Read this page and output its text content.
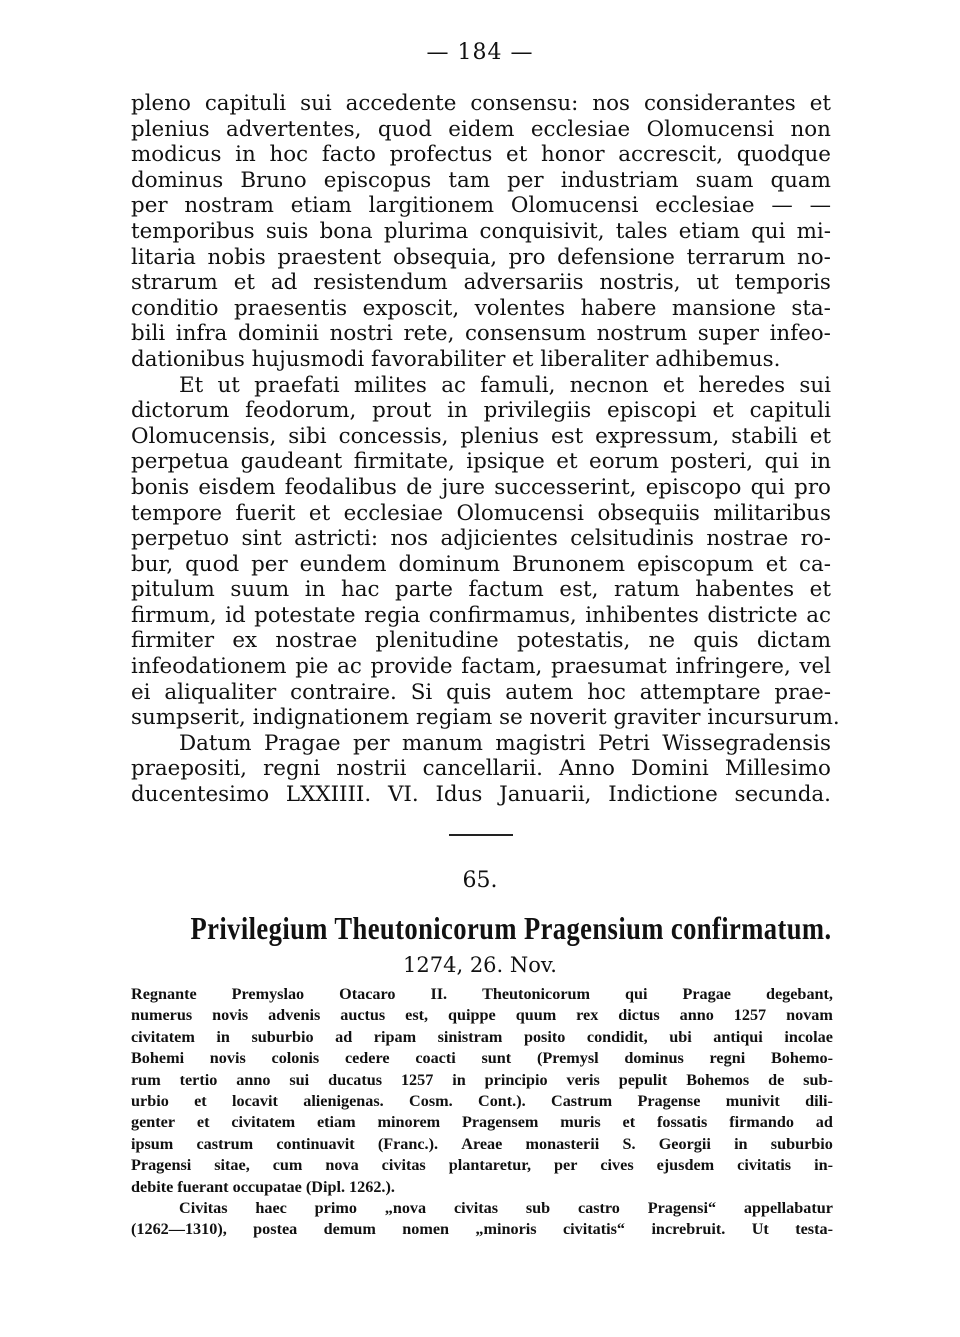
— 184 —
pleno capituli sui accedente consensu: nos considerantes et
plenius advertentes, quod eidem ecclesiae Olomucensi non
modicus in hoc facto profectus et honor accrescit, quodque
dominus Bruno episcopus tam per industriam suam quam
per nostram etiam largitionem Olomucensi ecclesiae — —
temporibus suis bona plurima conquisivit, tales etiam qui mi-
litaria nobis praestent obsequia, pro defensione terrarum no-
strarum et ad resistendum adversariis nostris, ut temporis
conditio praesentis exposcit, volentes habere mansione sta-
bili infra dominii nostri rete, consensum nostrum super infeo-
dationibus hujusmodi favorabiliter et liberaliter adhibemus.
Et ut praefati milites ac famuli, necnon et heredes sui
dictorum feodorum, prout in privilegiis episcopi et capituli
Olomucensis, sibi concessis, plenius est expressum, stabili et
perpetua gaudeant firmitate, ipsique et eorum posteri, qui in
bonis eisdem feodalibus de jure successerint, episcopo qui pro
tempore fuerit et ecclesiae Olomucensi obsequiis militaribus
perpetuo sint astricti: nos adjicientes celsitudinis nostrae ro-
bur, quod per eundem dominum Brunonem episcopum et ca-
pitulum suum in hac parte factum est, ratum habentes et
firmum, id potestate regia confirmamus, inhibentes districte ac
firmiter ex nostrae plenitudine potestatis, ne quis dictam
infeodationem pie ac provide factam, praesumat infringere, vel
ei aliqualiter contraire. Si quis autem hoc attemptare prae-
sumpserit, indignationem regiam se noverit graviter incursurum.
Datum Pragae per manum magistri Petri Wissegradensis
praepositi, regni nostrii cancellarii. Anno Domini Millesimo
ducentesimo LXXIIII. VI. Idus Januarii, Indictione secunda.
65.
Privilegium Theutonicorum Pragensium confirmatum.
1274, 26. Nov.
Regnante Premyslao Otacaro II. Theutonicorum qui Pragae degebant,
numerus novis advenis auctus est, quippe quum rex dictus anno 1257 novam
civitatem in suburbio ad ripam sinistram posito condidit, ubi antiqui incolae
Bohemi novis colonis cedere coacti sunt (Premysl dominus regni Bohemo-
rum tertio anno sui ducatus 1257 in principio veris pepulit Bohemos de sub-
urbio et locavit alienigenas. Cosm. Cont.). Castrum Pragense munivit dili-
genter et civitatem etiam minorem Pragensem muris et fossatis firmando ad
ipsum castrum continuavit (Franc.). Areae monasterii S. Georgii in suburbio
Pragensi sitae, cum nova civitas plantaretur, per cives ejusdem civitatis in-
debite fuerant occupatae (Dipl. 1262.).
Civitas haec primo „nova civitas sub castro Pragensi“ appellabatur
(1262—1310), postea demum nomen „minoris civitatis“ increbruit. Ut testa-
